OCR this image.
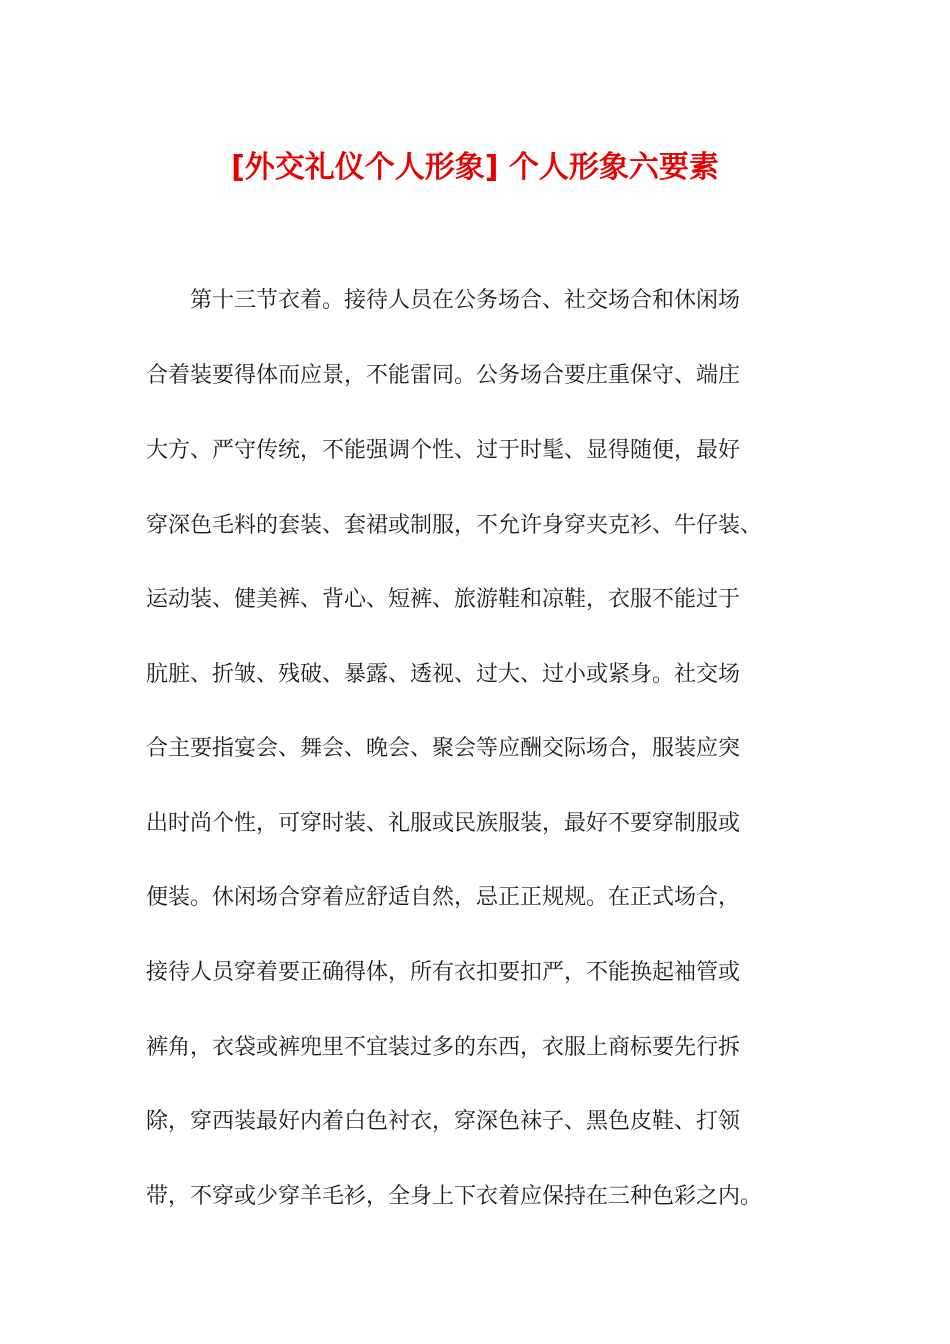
[外交礼仪个人形象] 个人形象六要素
第十三节衣着。接待人员在公务场合、社交场合和休闲场
合着装要得体而应景，不能雷同。公务场合要庄重保守、端庄
大方、严守传统，不能强调个性、过于时髦、显得随便，最好
穿深色毛料的套装、套裙或制服，不允许身穿夹克衫、牛仔装、
运动装、健美裤、背心、短裤、旅游鞋和凉鞋，衣服不能过于
肮脏、折皱、残破、暴露、透视、过大、过小或紧身。社交场
合主要指宴会、舞会、晚会、聚会等应酬交际场合，服装应突
出时尚个性，可穿时装、礼服或民族服装，最好不要穿制服或
便装。休闲场合穿着应舒适自然，忌正正规规。在正式场合，
接待人员穿着要正确得体，所有衣扣要扣严，不能换起袖管或
裤角，衣袋或裤兜里不宜装过多的东西，衣服上商标要先行拆
除，穿西装最好内着白色衬衣，穿深色袜子、黑色皮鞋、打领
带，不穿或少穿羊毛衫，全身上下衣着应保持在三种色彩之内。
